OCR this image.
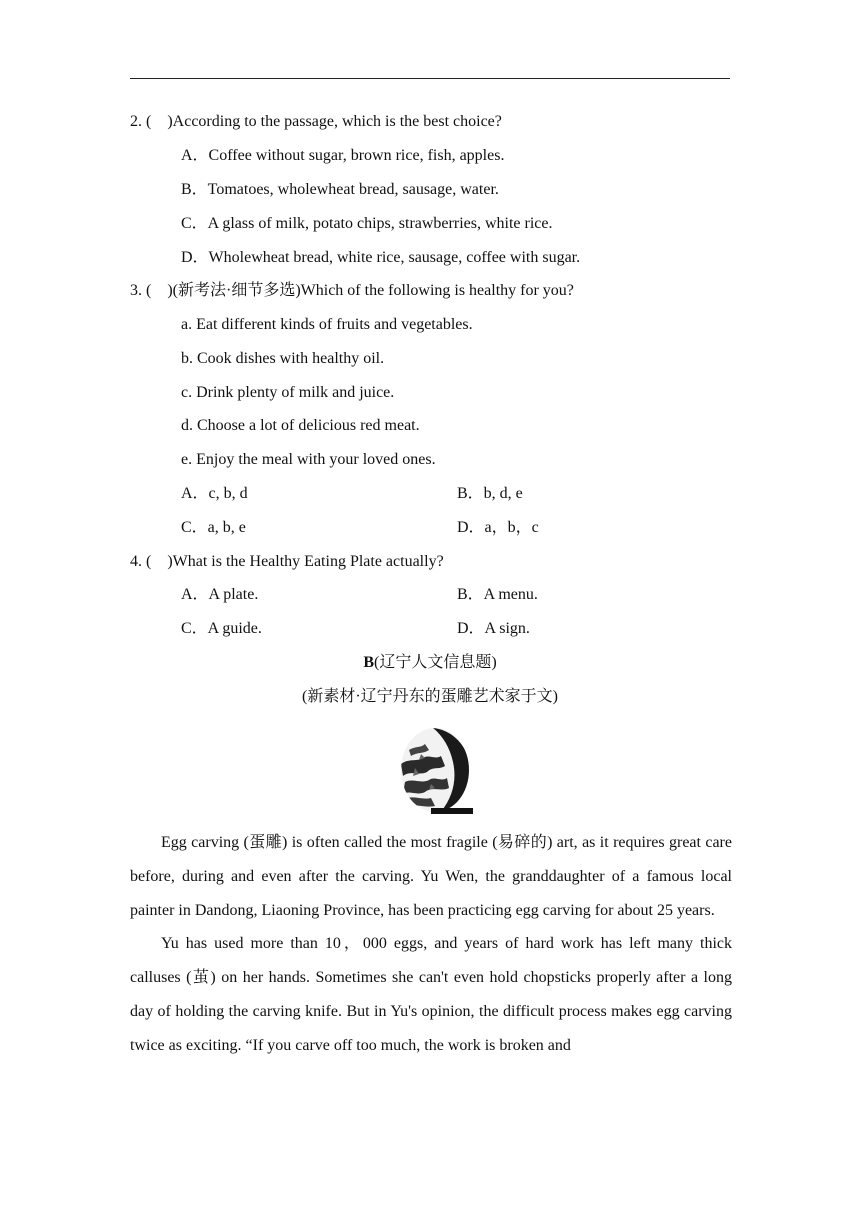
2. (    )According to the passage, which is the best choice?
A．Coffee without sugar, brown rice, fish, apples.
B．Tomatoes, wholewheat bread, sausage, water.
C．A glass of milk, potato chips, strawberries, white rice.
D．Wholewheat bread, white rice, sausage, coffee with sugar.
3. (    )(新考法·细节多选)Which of the following is healthy for you?
a. Eat different kinds of fruits and vegetables.
b. Cook dishes with healthy oil.
c. Drink plenty of milk and juice.
d. Choose a lot of delicious red meat.
e. Enjoy the meal with your loved ones.
A．c, b, d	B．b, d, e
C．a, b, e	D．a，b，c
4. (    )What is the Healthy Eating Plate actually?
A．A plate.	B．A menu.
C．A guide.	D．A sign.
B(辽宁人文信息题)
(新素材·辽宁丹东的蛋雕艺术家于文)

Egg carving (蛋雕) is often called the most fragile (易碎的) art, as it requires great care before, during and even after the carving. Yu Wen, the granddaughter of a famous local painter in Dandong, Liaoning Province, has been practicing egg carving for about 25 years.

Yu has used more than 10，000 eggs, and years of hard work has left many thick calluses (茧) on her hands. Sometimes she can't even hold chopsticks properly after a long day of holding the carving knife. But in Yu's opinion, the difficult process makes egg carving twice as exciting. “If you carve off too much, the work is broken and
